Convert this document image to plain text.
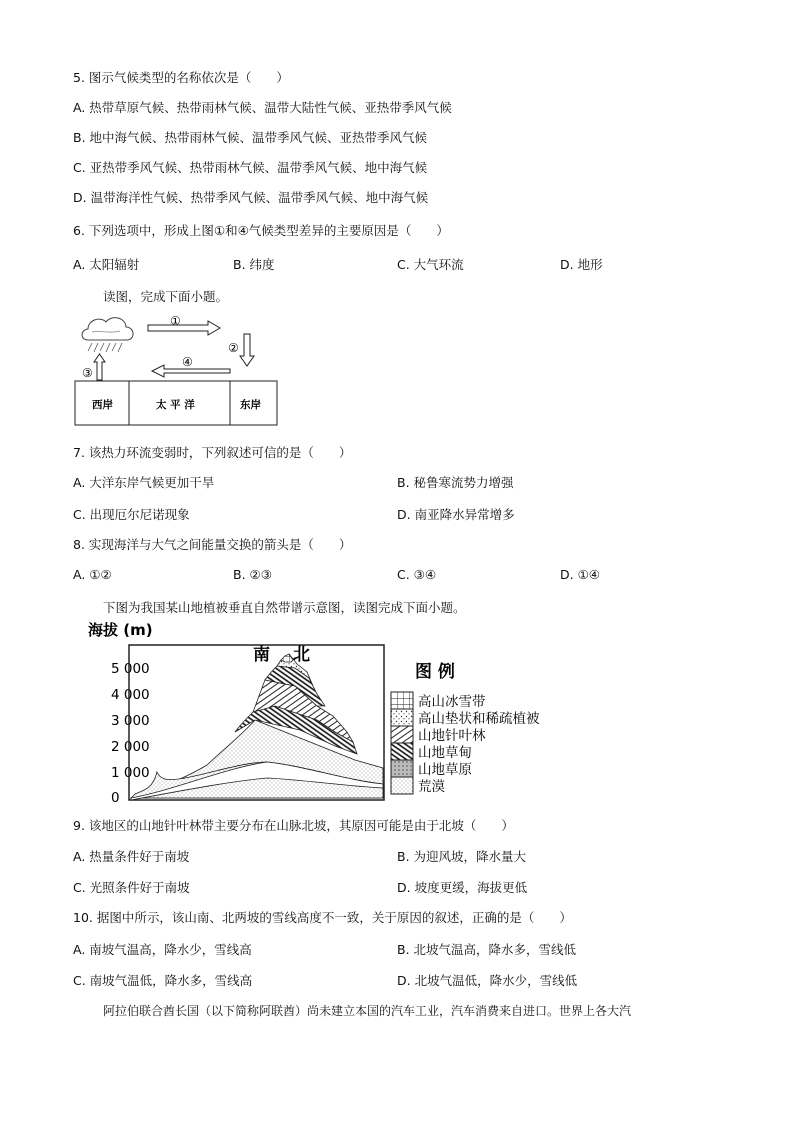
5. 图示气候类型的名称依次是（　　）
A. 热带草原气候、热带雨林气候、温带大陆性气候、亚热带季风气候
B. 地中海气候、热带雨林气候、温带季风气候、亚热带季风气候
C. 亚热带季风气候、热带雨林气候、温带季风气候、地中海气候
D. 温带海洋性气候、热带季风气候、温带季风气候、地中海气候
6. 下列选项中，形成上图①和④气候类型差异的主要原因是（　　）
A. 太阳辐射	B. 纬度	C. 大气环流	D. 地形
读图，完成下面小题。
①
②
④
③
西岸	太 平 洋	东岸
7. 该热力环流变弱时，下列叙述可信的是（　　）
A. 大洋东岸气候更加干旱	B. 秘鲁寒流势力增强
C. 出现厄尔尼诺现象	D. 南亚降水异常增多
8. 实现海洋与大气之间能量交换的箭头是（　　）
A. ①②	B. ②③	C. ③④	D. ①④
下图为我国某山地植被垂直自然带谱示意图，读图完成下面小题。
海拔 (m)
5 000
4 000
3 000
2 000
1 000
0
南 北
图 例
高山冰雪带
高山垫状和稀疏植被
山地针叶林
山地草甸
山地草原
荒漠
9. 该地区的山地针叶林带主要分布在山脉北坡，其原因可能是由于北坡（　　）
A. 热量条件好于南坡	B. 为迎风坡，降水量大
C. 光照条件好于南坡	D. 坡度更缓，海拔更低
10. 据图中所示，该山南、北两坡的雪线高度不一致，关于原因的叙述，正确的是（　　）
A. 南坡气温高，降水少，雪线高	B. 北坡气温高，降水多，雪线低
C. 南坡气温低，降水多，雪线高	D. 北坡气温低，降水少，雪线低
阿拉伯联合酋长国（以下简称阿联酋）尚未建立本国的汽车工业，汽车消费来自进口。世界上各大汽
